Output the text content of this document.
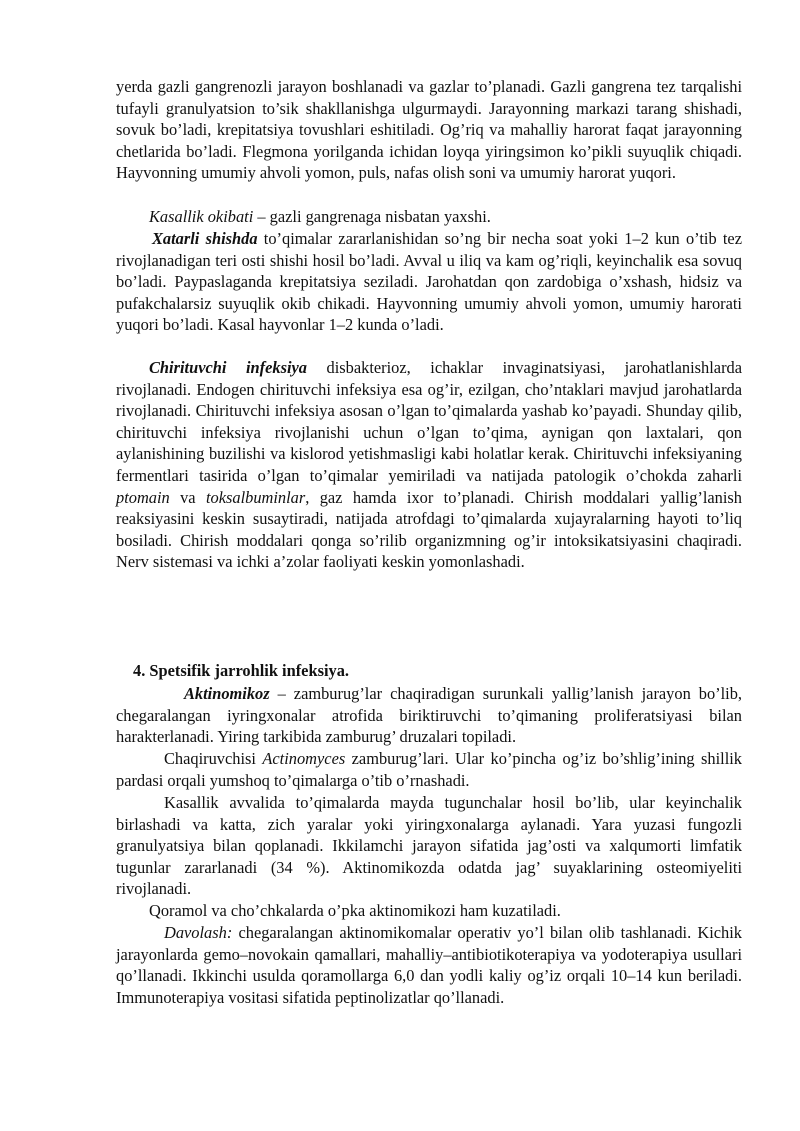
yerda gazli gangrenozli jarayon boshlanadi va gazlar to’planadi. Gazli gangrena tez tarqalishi tufayli granulyatsion to’sik shakllanishga ulgurmaydi. Jarayonning markazi tarang shishadi, sovuk bo’ladi, krepitatsiya tovushlari eshitiladi. Og’riq va mahalliy harorat faqat jarayonning chetlarida bo’ladi. Flegmona yorilganda ichidan loyqa yiringsimon ko’pikli suyuqlik chiqadi. Hayvonning umumiy ahvoli yomon, puls, nafas olish soni va umumiy harorat yuqori.

Kasallik okibati – gazli gangrenaga nisbatan yaxshi.

Xatarli shishda to’qimalar zararlanishidan so’ng bir necha soat yoki 1–2 kun o’tib tez rivojlanadigan teri osti shishi hosil bo’ladi. Avval u iliq va kam og’riqli, keyinchalik esa sovuq bo’ladi. Paypaslaganda krepitatsiya seziladi. Jarohatdan qon zardobiga o’xshash, hidsiz va pufakchalarsiz suyuqlik okib chikadi. Hayvonning umumiy ahvoli yomon, umumiy harorati yuqori bo’ladi. Kasal hayvonlar 1–2 kunda o’ladi.

Chirituvchi infeksiya disbakterioz, ichaklar invaginatsiyasi, jarohatlanishlarda rivojlanadi. Endogen chirituvchi infeksiya esa og’ir, ezilgan, cho’ntaklari mavjud jarohatlarda rivojlanadi. Chirituvchi infeksiya asosan o’lgan to’qimalarda yashab ko’payadi. Shunday qilib, chirituvchi infeksiya rivojlanishi uchun o’lgan to’qima, aynigan qon laxtalari, qon aylanishining buzilishi va kislorod yetishmasligi kabi holatlar kerak. Chirituvchi infeksiyaning fermentlari tasirida o’lgan to’qimalar yemiriladi va natijada patologik o’chokda zaharli ptomain va toksalbuminlar, gaz hamda ixor to’planadi. Chirish moddalari yallig’lanish reaksiyasini keskin susaytiradi, natijada atrofdagi to’qimalarda xujayralarning hayoti to’liq bosiladi. Chirish moddalari qonga so’rilib organizmning og’ir intoksikatsiyasini chaqiradi. Nerv sistemasi va ichki a’zolar faoliyati keskin yomonlashadi.

4. Spetsifik jarrohlik infeksiya.

Aktinomikoz – zamburug’lar chaqiradigan surunkali yallig’lanish jarayon bo’lib, chegaralangan iyringxonalar atrofida biriktiruvchi to’qimaning proliferatsiyasi bilan harakterlanadi. Yiring tarkibida zamburug’ druzalari topiladi.

Chaqiruvchisi Actinomyces zamburug’lari. Ular ko’pincha og’iz bo’shlig’ining shillik pardasi orqali yumshoq to’qimalarga o’tib o’rnashadi.

Kasallik avvalida to’qimalarda mayda tugunchalar hosil bo’lib, ular keyinchalik birlashadi va katta, zich yaralar yoki yiringxonalarga aylanadi. Yara yuzasi fungozli granulyatsiya bilan qoplanadi. Ikkilamchi jarayon sifatida jag’osti va xalqumorti limfatik tugunlar zararlanadi (34 %). Aktinomikozda odatda jag’ suyaklarining osteomiyeliti rivojlanadi.

Qoramol va cho’chkalarda o’pka aktinomikozi ham kuzatiladi.

Davolash: chegaralangan aktinomikomalar operativ yo’l bilan olib tashlanadi. Kichik jarayonlarda gemo–novokain qamallari, mahalliy–antibiotikoterapiya va yodoterapiya usullari qo’llanadi. Ikkinchi usulda qoramollarga 6,0 dan yodli kaliy og’iz orqali 10–14 kun beriladi. Immunoterapiya vositasi sifatida peptinolizatlar qo’llanadi.
